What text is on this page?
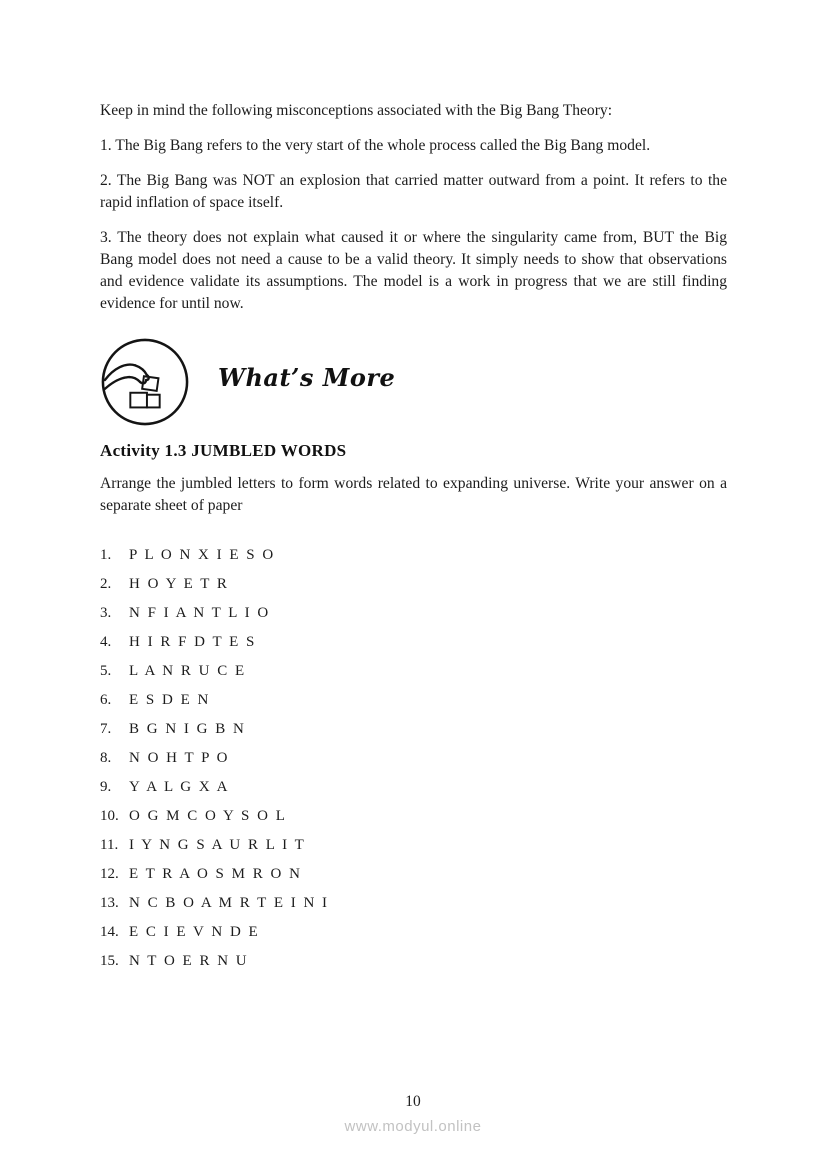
Keep in mind the following misconceptions associated with the Big Bang Theory:

1. The Big Bang refers to the very start of the whole process called the Big Bang model.

2. The Big Bang was NOT an explosion that carried matter outward from a point. It refers to the rapid inflation of space itself.

3. The theory does not explain what caused it or where the singularity came from, BUT the Big Bang model does not need a cause to be a valid theory. It simply needs to show that observations and evidence validate its assumptions. The model is a work in progress that we are still finding evidence for until now.

What’s More
Activity 1.3 JUMBLED WORDS

Arrange the jumbled letters to form words related to expanding universe. Write your answer on a separate sheet of paper

1. P L O N X I E S O
2. H O Y E T R
3. N F I A N T L I O
4. H I R F D T E S
5. L A N R U C E
6. E S D E N
7. B G N I G B N
8. N O H T P O
9. Y A L G X A
10. O G M C O Y S O L
11. I Y N G S A U R L I T
12. E T R A O S M R O N
13. N C B O A M R T E I N I
14. E C I E V N D E
15. N T O E R N U
10
www.modyul.online
